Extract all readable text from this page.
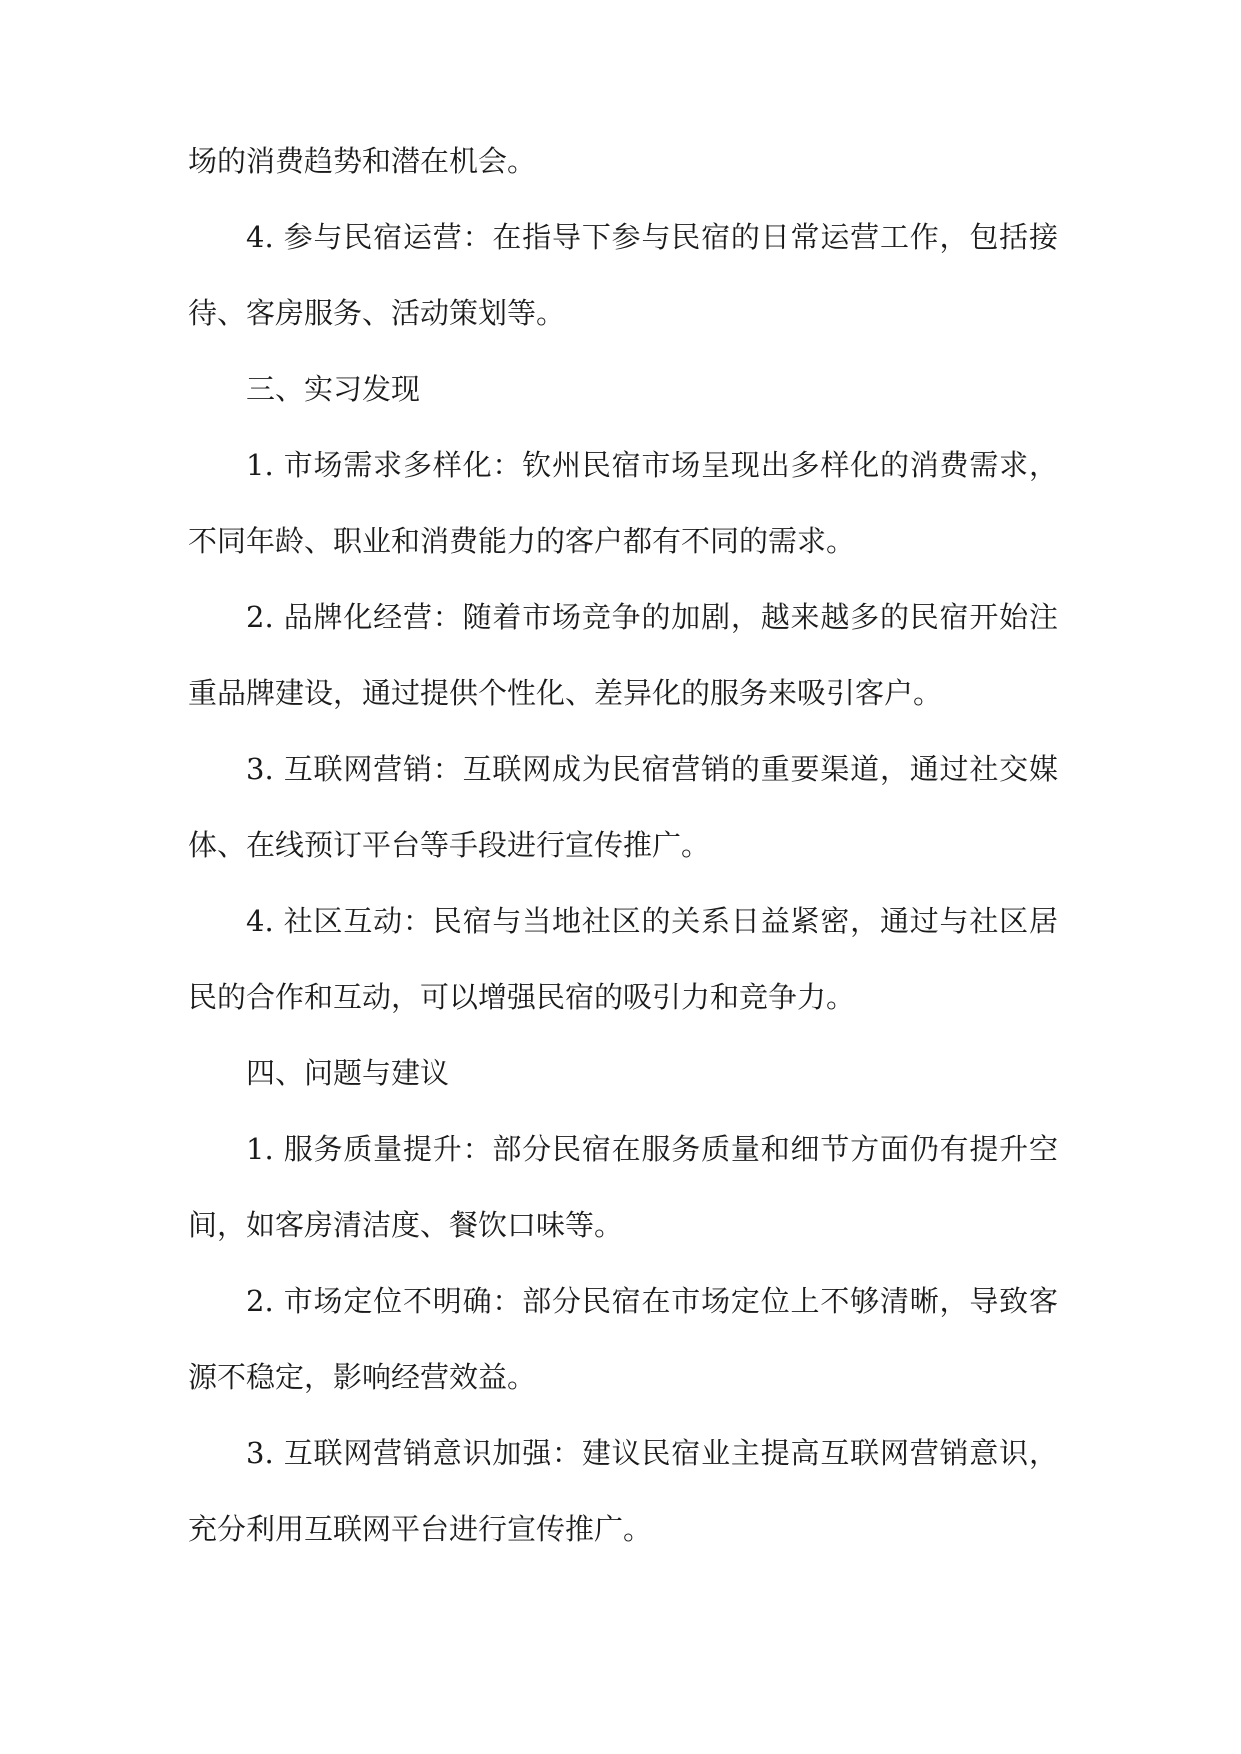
场的消费趋势和潜在机会。
4. 参与民宿运营：在指导下参与民宿的日常运营工作，包括接
待、客房服务、活动策划等。
三、实习发现
1. 市场需求多样化：钦州民宿市场呈现出多样化的消费需求，
不同年龄、职业和消费能力的客户都有不同的需求。
2. 品牌化经营：随着市场竞争的加剧，越来越多的民宿开始注
重品牌建设，通过提供个性化、差异化的服务来吸引客户。
3. 互联网营销：互联网成为民宿营销的重要渠道，通过社交媒
体、在线预订平台等手段进行宣传推广。
4. 社区互动：民宿与当地社区的关系日益紧密，通过与社区居
民的合作和互动，可以增强民宿的吸引力和竞争力。
四、问题与建议
1. 服务质量提升：部分民宿在服务质量和细节方面仍有提升空
间，如客房清洁度、餐饮口味等。
2. 市场定位不明确：部分民宿在市场定位上不够清晰，导致客
源不稳定，影响经营效益。
3. 互联网营销意识加强：建议民宿业主提高互联网营销意识，
充分利用互联网平台进行宣传推广。
